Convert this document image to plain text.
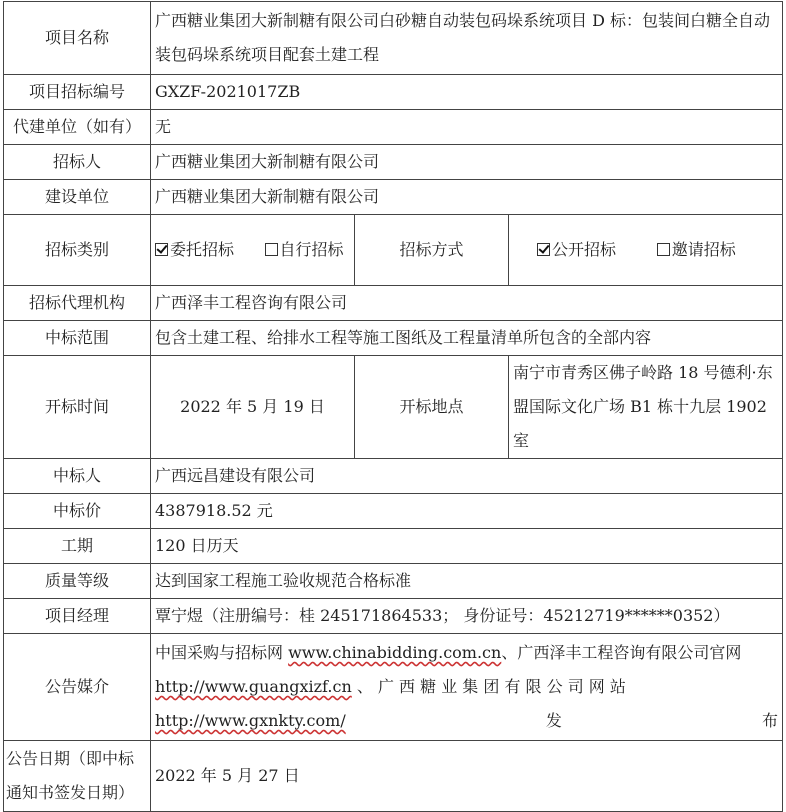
项目名称	广西糖业集团大新制糖有限公司白砂糖自动装包码垛系统项目 D 标：包装间白糖全自动装包码垛系统项目配套土建工程		
项目招标编号	GXZF-2021017ZB		
代建单位（如有）	无		
招标人	广西糖业集团大新制糖有限公司		
建设单位	广西糖业集团大新制糖有限公司		
招标类别	委托招标 自行招标	招标方式	公开招标 邀请招标
招标代理机构	广西泽丰工程咨询有限公司		
中标范围	包含土建工程、给排水工程等施工图纸及工程量清单所包含的全部内容		
开标时间	2022 年 5 月 19 日	开标地点	南宁市青秀区佛子岭路 18 号德利·东盟国际文化广场 B1 栋十九层 1902 室
中标人	广西远昌建设有限公司		
中标价	4387918.52 元		
工期	120 日历天		
质量等级	达到国家工程施工验收规范合格标准		
项目经理	覃宁煜（注册编号：桂 245171864533； 身份证号：45212719******0352）		
公告媒介	中国采购与招标网 www.chinabidding.com.cn、广西泽丰工程咨询有限公司官网 http://www.guangxizf.cn 、 广 西 糖 业 集 团 有 限 公 司 网 站 http://www.gxnkty.com/发布		
公告日期（即中标通知书签发日期）	2022 年 5 月 27 日		
